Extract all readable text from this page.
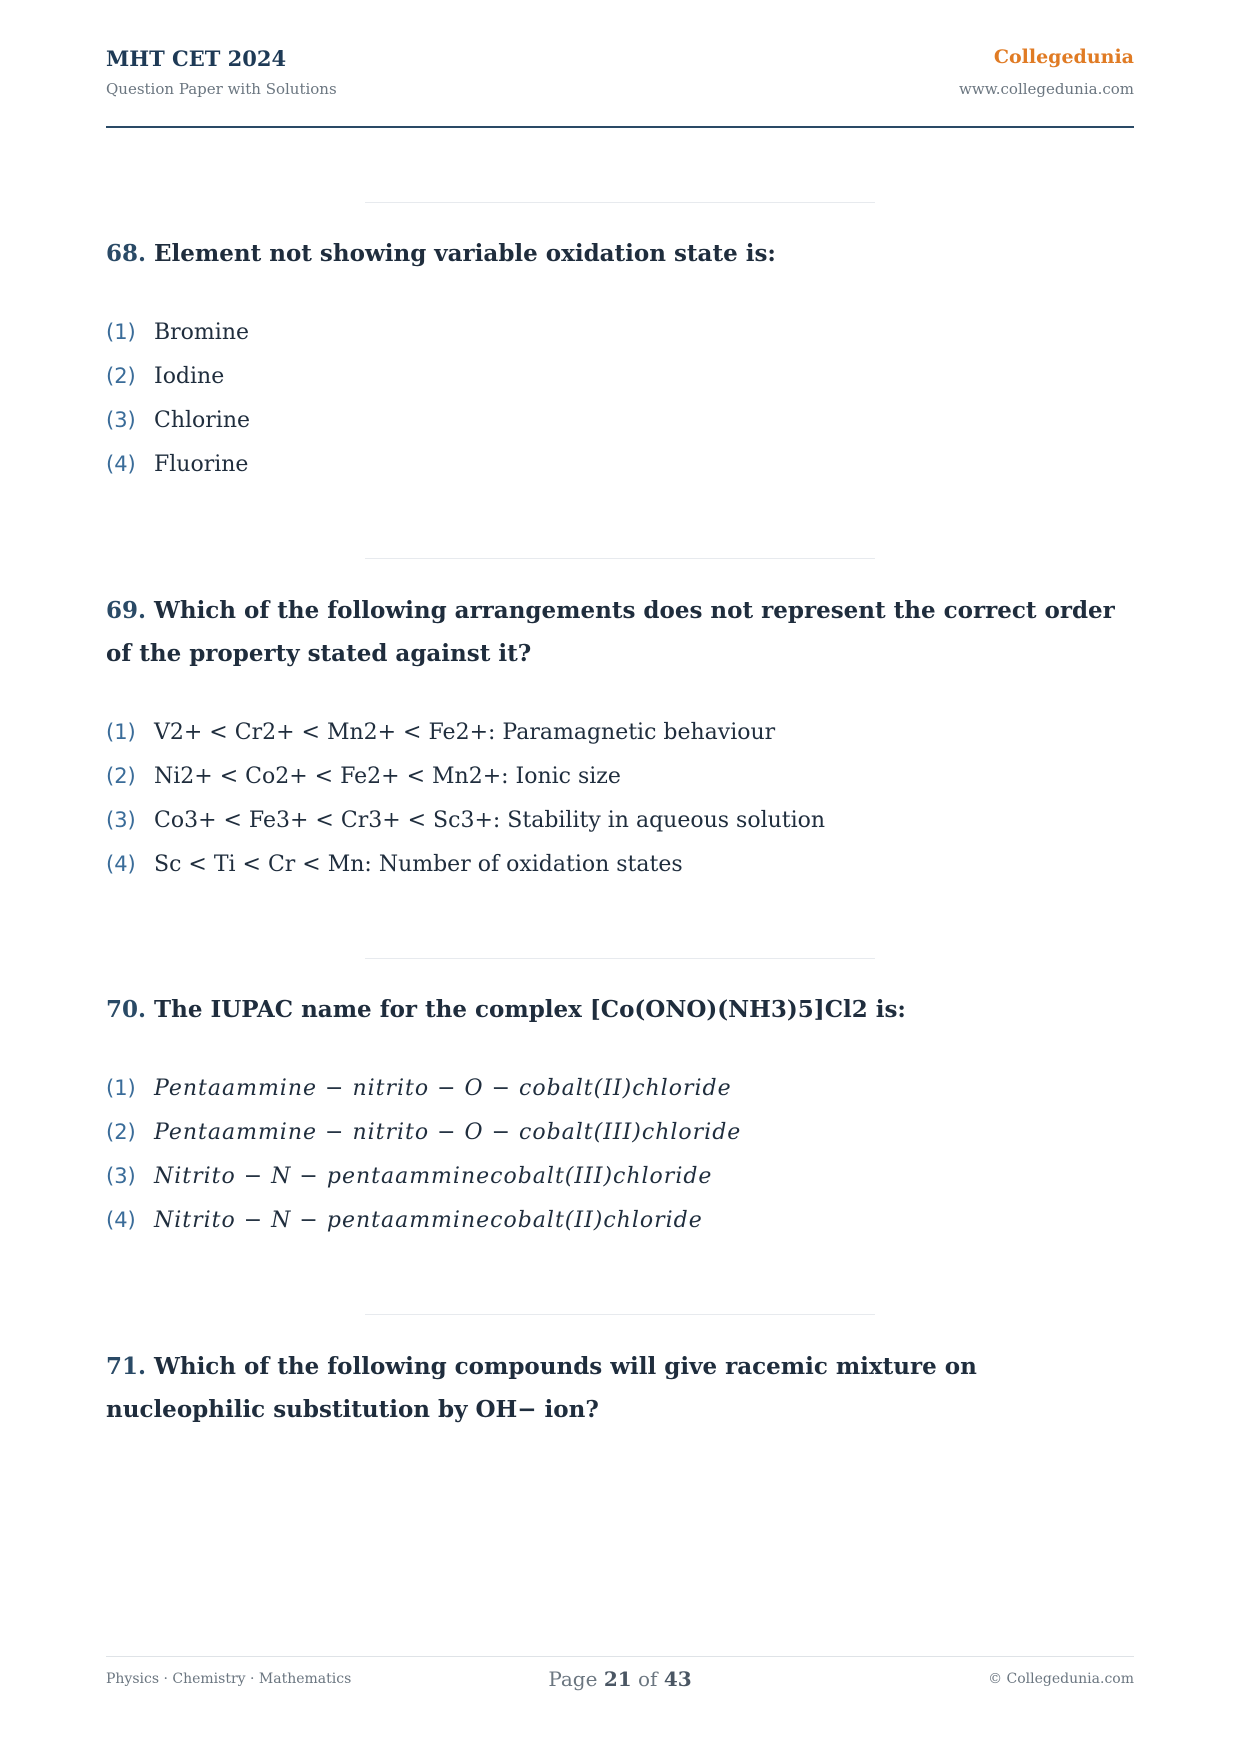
MHT CET 2024
Question Paper with Solutions
Collegedunia
www.collegedunia.com
68. Element not showing variable oxidation state is:
(1) Bromine
(2) Iodine
(3) Chlorine
(4) Fluorine
69. Which of the following arrangements does not represent the correct order of the property stated against it?
(1) V2+ < Cr2+ < Mn2+ < Fe2+: Paramagnetic behaviour
(2) Ni2+ < Co2+ < Fe2+ < Mn2+: Ionic size
(3) Co3+ < Fe3+ < Cr3+ < Sc3+: Stability in aqueous solution
(4) Sc < Ti < Cr < Mn: Number of oxidation states
70. The IUPAC name for the complex [Co(ONO)(NH3)5]Cl2 is:
(1) Pentaammine − nitrito − O − cobalt(II)chloride
(2) Pentaammine − nitrito − O − cobalt(III)chloride
(3) Nitrito − N − pentaamminecobalt(III)chloride
(4) Nitrito − N − pentaamminecobalt(II)chloride
71. Which of the following compounds will give racemic mixture on nucleophilic substitution by OH− ion?
Physics · Chemistry · Mathematics	Page 21 of 43	© Collegedunia.com
